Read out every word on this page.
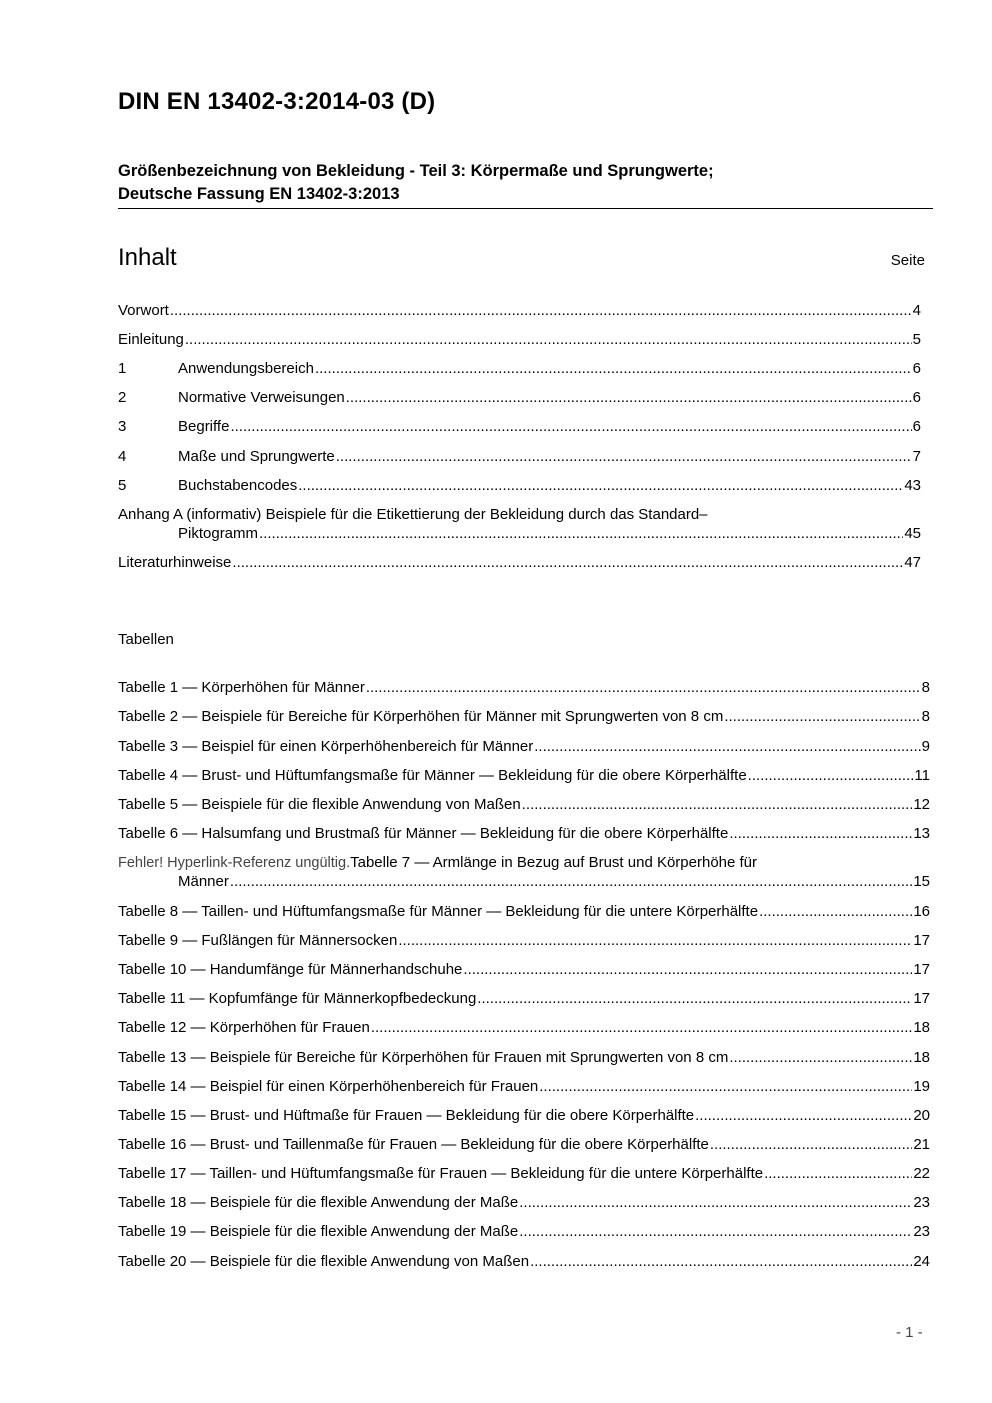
DIN EN 13402-3:2014-03 (D)
Größenbezeichnung von Bekleidung - Teil 3: Körpermaße und Sprungwerte;
Deutsche Fassung EN 13402-3:2013
Inhalt	Seite
Vorwort .....	4
Einleitung .....	5
1	Anwendungsbereich .....	6
2	Normative Verweisungen .....	6
3	Begriffe .....	6
4	Maße und Sprungwerte .....	7
5	Buchstabencodes .....	43
Anhang A (informativ) Beispiele für die Etikettierung der Bekleidung durch das Standard–
Piktogramm .....	45
Literaturhinweise .....	47
Tabellen
Tabelle 1 — Körperhöhen für Männer .....	8
Tabelle 2 — Beispiele für Bereiche für Körperhöhen für Männer mit Sprungwerten von 8 cm .....	8
Tabelle 3 — Beispiel für einen Körperhöhenbereich für Männer .....	9
Tabelle 4 — Brust- und Hüftumfangsmaße für Männer — Bekleidung für die obere Körperhälfte .....	11
Tabelle 5 — Beispiele für die flexible Anwendung von Maßen .....	12
Tabelle 6 — Halsumfang und Brustmaß für Männer — Bekleidung für die obere Körperhälfte .....	13
Fehler! Hyperlink-Referenz ungültig.Tabelle 7 — Armlänge in Bezug auf Brust und Körperhöhe für
Männer .....	15
Tabelle 8 — Taillen- und Hüftumfangsmaße für Männer — Bekleidung für die untere Körperhälfte .....	16
Tabelle 9 — Fußlängen für Männersocken .....	17
Tabelle 10 — Handumfänge für Männerhandschuhe .....	17
Tabelle 11 — Kopfumfänge für Männerkopfbedeckung .....	17
Tabelle 12 — Körperhöhen für Frauen .....	18
Tabelle 13 — Beispiele für Bereiche für Körperhöhen für Frauen mit Sprungwerten von 8 cm .....	18
Tabelle 14 — Beispiel für einen Körperhöhenbereich für Frauen .....	19
Tabelle 15 — Brust- und Hüftmaße für Frauen — Bekleidung für die obere Körperhälfte .....	20
Tabelle 16 — Brust- und Taillenmaße für Frauen — Bekleidung für die obere Körperhälfte .....	21
Tabelle 17 — Taillen- und Hüftumfangsmaße für Frauen — Bekleidung für die untere Körperhälfte .....	22
Tabelle 18 — Beispiele für die flexible Anwendung der Maße .....	23
Tabelle 19 — Beispiele für die flexible Anwendung der Maße .....	23
Tabelle 20 — Beispiele für die flexible Anwendung von Maßen .....	24
- 1 -
